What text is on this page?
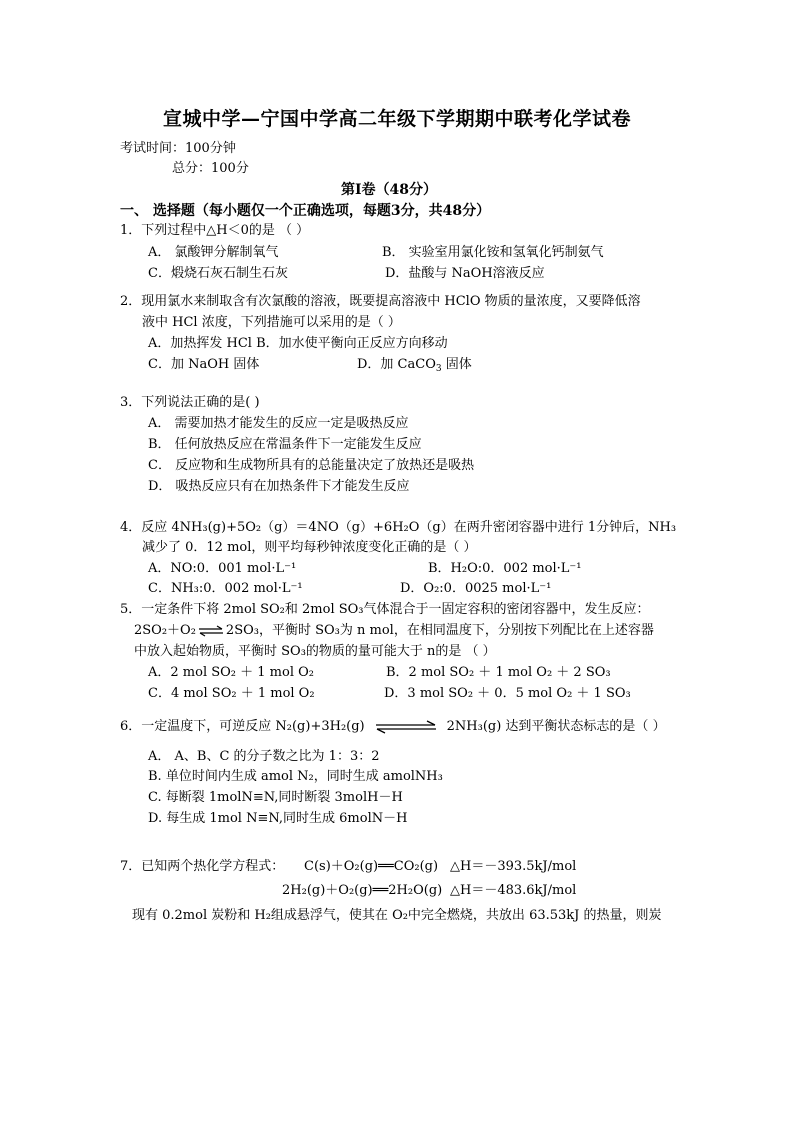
宣城中学—宁国中学高二年级下学期期中联考化学试卷
考试时间：100分钟
总分：100分
第Ⅰ卷（48分）
一、 选择题（每小题仅一个正确选项，每题3分，共48分）
1．下列过程中△H＜0的是 （ ）
A． 氯酸钾分解制氧气	B． 实验室用氯化铵和氢氧化钙制氨气
C．煅烧石灰石制生石灰	D．盐酸与 NaOH溶液反应
2．现用氯水来制取含有次氯酸的溶液，既要提高溶液中 HClO 物质的量浓度，又要降低溶
液中 HCl 浓度，下列措施可以采用的是（ ）
A．加热挥发 HCl B．加水使平衡向正反应方向移动
C．加 NaOH 固体	D．加 CaCO$_3$ 固体
3．下列说法正确的是( )
A． 需要加热才能发生的反应一定是吸热反应
B． 任何放热反应在常温条件下一定能发生反应
C． 反应物和生成物所具有的总能量决定了放热还是吸热
D． 吸热反应只有在加热条件下才能发生反应
4．反应 4NH₃(g)+5O₂（g）＝4NO（g）+6H₂O（g）在两升密闭容器中进行 1分钟后，NH₃
减少了 0．12 mol，则平均每秒钟浓度变化正确的是（ ）
A．NO:0．001 mol·L⁻¹	B．H₂O:0．002 mol·L⁻¹
C．NH₃:0．002 mol·L⁻¹	D．O₂:0．0025 mol·L⁻¹
5．一定条件下将 2mol SO₂和 2mol SO₃气体混合于一固定容积的密闭容器中，发生反应：
2SO₂＋O₂⇌2SO₃，平衡时 SO₃为 n mol，在相同温度下，分别按下列配比在上述容器
中放入起始物质，平衡时 SO₃的物质的量可能大于 n的是 （ ）
A．2 mol SO₂ ＋ 1 mol O₂	B．2 mol SO₂ ＋ 1 mol O₂ ＋ 2 SO₃
C．4 mol SO₂ ＋ 1 mol O₂	D．3 mol SO₂ ＋ 0．5 mol O₂ ＋ 1 SO₃
6．一定温度下，可逆反应 N₂(g)+3H₂(g)	2NH₃(g) 达到平衡状态标志的是（ ）
A． A、B、C 的分子数之比为 1：3：2
B. 单位时间内生成 amol N₂，同时生成 amolNH₃
C. 每断裂 1molN≡N,同时断裂 3molH－H
D. 每生成 1mol N≡N,同时生成 6molN－H
7．已知两个热化学方程式： C(s)＋O₂(g)══CO₂(g) △H＝－393.5kJ/mol
2H₂(g)＋O₂(g)══2H₂O(g) △H＝－483.6kJ/mol
现有 0.2mol 炭粉和 H₂组成悬浮气，使其在 O₂中完全燃烧，共放出 63.53kJ 的热量，则炭
